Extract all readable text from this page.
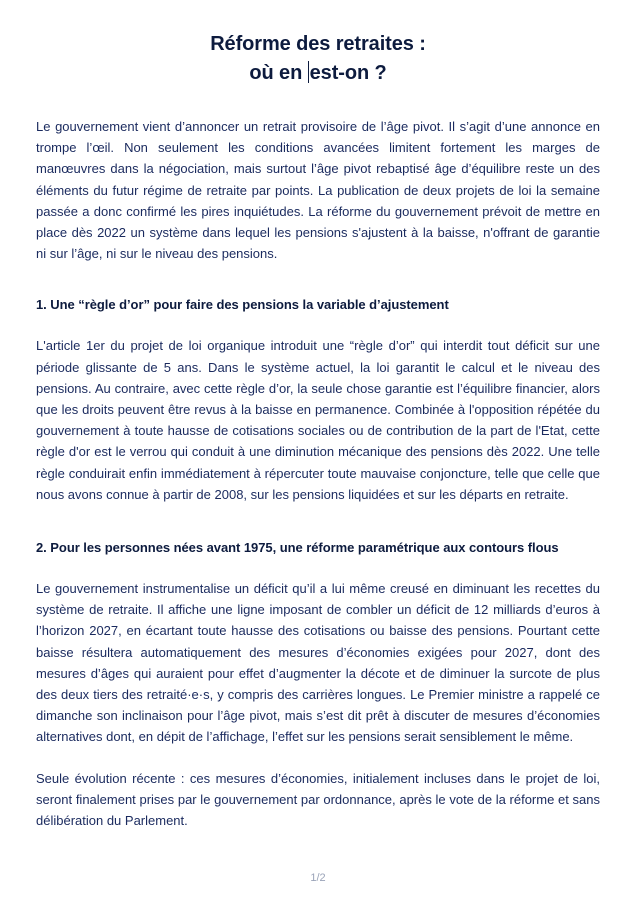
Réforme des retraites :
où en est-on ?

Le gouvernement vient d’annoncer un retrait provisoire de l’âge pivot. Il s’agit d’une annonce en trompe l’œil. Non seulement les conditions avancées limitent fortement les marges de manœuvres dans la négociation, mais surtout l’âge pivot rebaptisé âge d’équilibre reste un des éléments du futur régime de retraite par points. La publication de deux projets de loi la semaine passée a donc confirmé les pires inquiétudes. La réforme du gouvernement prévoit de mettre en place dès 2022 un système dans lequel les pensions s'ajustent à la baisse, n'offrant de garantie ni sur l’âge, ni sur le niveau des pensions.

1. Une “règle d’or” pour faire des pensions la variable d’ajustement

L'article 1er du projet de loi organique introduit une “règle d’or” qui interdit tout déficit sur une période glissante de 5 ans. Dans le système actuel, la loi garantit le calcul et le niveau des pensions. Au contraire, avec cette règle d’or, la seule chose garantie est l’équilibre financier, alors que les droits peuvent être revus à la baisse en permanence. Combinée à l'opposition répétée du gouvernement à toute hausse de cotisations sociales ou de contribution de la part de l'Etat, cette règle d'or est le verrou qui conduit à une diminution mécanique des pensions dès 2022. Une telle règle conduirait enfin immédiatement à répercuter toute mauvaise conjoncture, telle que celle que nous avons connue à partir de 2008, sur les pensions liquidées et sur les départs en retraite.

2. Pour les personnes nées avant 1975, une réforme paramétrique aux contours flous

Le gouvernement instrumentalise un déficit qu’il a lui même creusé en diminuant les recettes du système de retraite. Il affiche une ligne imposant de combler un déficit de 12 milliards d’euros à l’horizon 2027, en écartant toute hausse des cotisations ou baisse des pensions. Pourtant cette baisse résultera automatiquement des mesures d’économies exigées pour 2027, dont des mesures d’âges qui auraient pour effet d’augmenter la décote et de diminuer la surcote de plus des deux tiers des retraité·e·s, y compris des carrières longues. Le Premier ministre a rappelé ce dimanche son inclinaison pour l’âge pivot, mais s’est dit prêt à discuter de mesures d’économies alternatives dont, en dépit de l’affichage, l’effet sur les pensions serait sensiblement le même.

Seule évolution récente : ces mesures d’économies, initialement incluses dans le projet de loi, seront finalement prises par le gouvernement par ordonnance, après le vote de la réforme et sans délibération du Parlement.

1/2
